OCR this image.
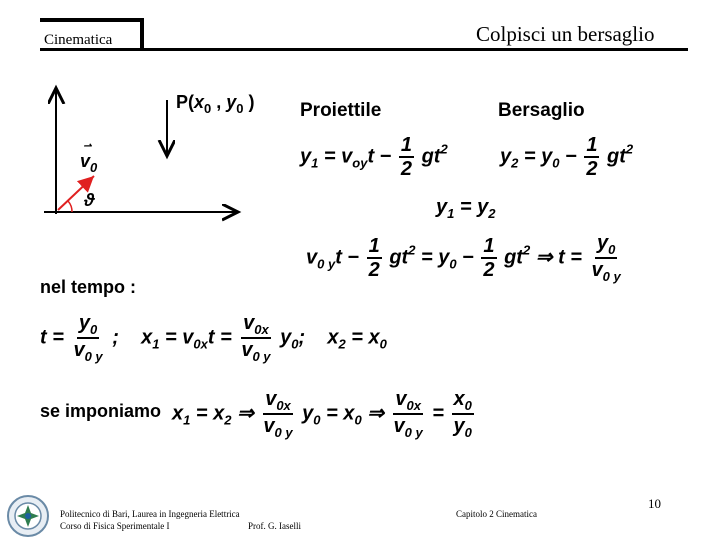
Cinematica	Colpisci un bersaglio
ϑ
⇀
$v_0$
$P(x_0$ , $y_0$ ) Proiettile	Bersaglio
$y_1 = v_{oy}t - \frac{1}{2} gt^2$	$y_2 = y_0 - \frac{1}{2} gt^2$
$y_1 = y_2$
$v_{0 y}t - \frac{1}{2} gt^2 = y_0 - \frac{1}{2} gt^2$ ⇒ $t = \frac{y_0}{v_{0 y}}$
nel tempo :
$t = \frac{y_0}{v_{0 y}}$ ;    $x_1 = v_{0x}t = \frac{v_{0x}}{v_{0 y}} y_0$;    $x_2 = x_0$
se imponiamo $x_1 = x_2$ ⇒ $\frac{v_{0x}}{v_{0 y}} y_0 = x_0$ ⇒ $\frac{v_{0x}}{v_{0 y}} = \frac{x_0}{y_0}$
Politecnico di Bari, Laurea in Ingegneria Elettrica
Corso di Fisica Sperimentale I	Prof. G. Iaselli
Capitolo 2 Cinematica
10
